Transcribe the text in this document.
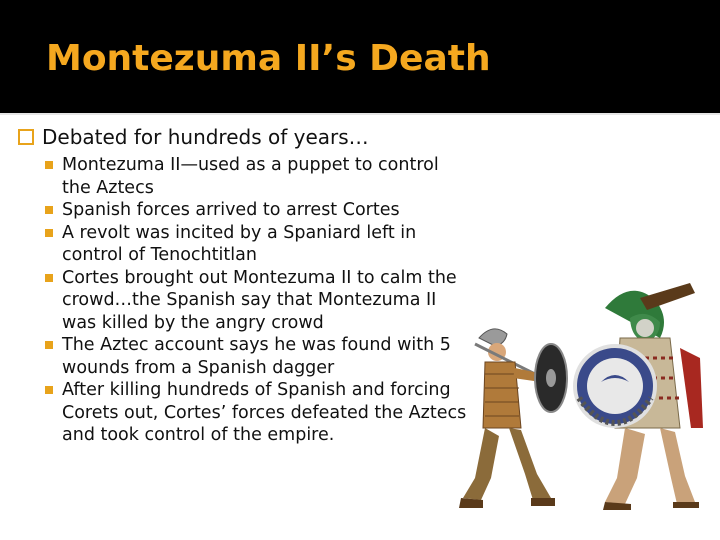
Montezuma II’s Death
Debated for hundreds of years…
Montezuma II—used as a puppet to control the Aztecs
Spanish forces arrived to arrest Cortes
A revolt was incited by a Spaniard left in control of Tenochtitlan
Cortes brought out Montezuma II to calm the crowd…the Spanish say that Montezuma II was killed by the angry crowd
The Aztec account says he was found with 5 wounds from a Spanish dagger
After killing hundreds of Spanish and forcing Corets out, Cortes’ forces defeated the Aztecs and took control of the empire.
